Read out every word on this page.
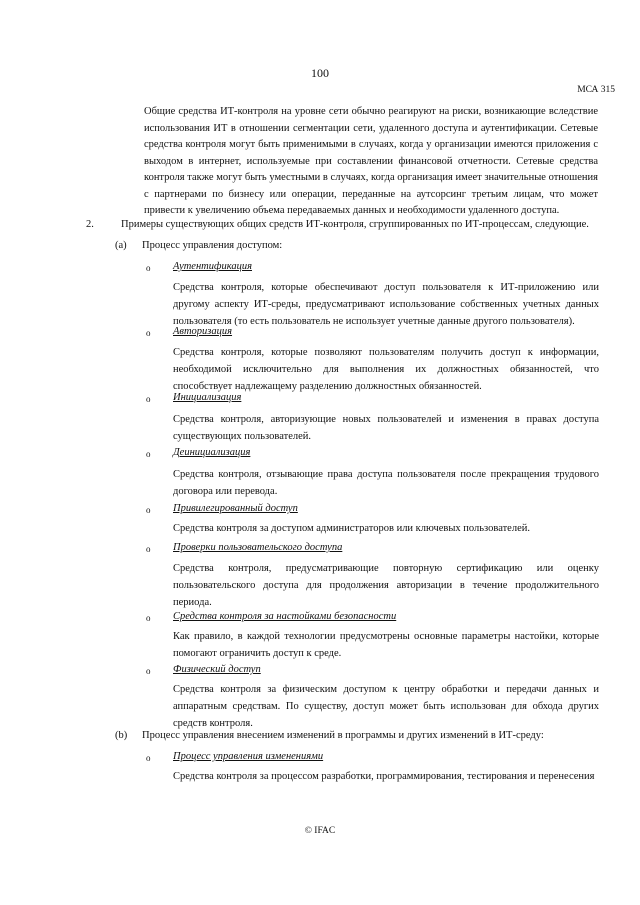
100
МСА 315

Общие средства ИТ-контроля на уровне сети обычно реагируют на риски, возникающие вследствие использования ИТ в отношении сегментации сети, удаленного доступа и аутентификации. Сетевые средства контроля могут быть применимыми в случаях, когда у организации имеются приложения с выходом в интернет, используемые при составлении финансовой отчетности. Сетевые средства контроля также могут быть уместными в случаях, когда организация имеет значительные отношения с партнерами по бизнесу или операции, переданные на аутсорсинг третьим лицам, что может привести к увеличению объема передаваемых данных и необходимости удаленного доступа.

2.	Примеры существующих общих средств ИТ-контроля, сгруппированных по ИТ-процессам, следующие.
(a) Процесс управления доступом:
o Аутентификация

Средства контроля, которые обеспечивают доступ пользователя к ИТ-приложению или другому аспекту ИТ-среды, предусматривают использование собственных учетных данных пользователя (то есть пользователь не использует учетные данные другого пользователя).

o Авторизация

Средства контроля, которые позволяют пользователям получить доступ к информации, необходимой исключительно для выполнения их должностных обязанностей, что способствует надлежащему разделению должностных обязанностей.

o Инициализация

Средства контроля, авторизующие новых пользователей и изменения в правах доступа существующих пользователей.

o Деинициализация

Средства контроля, отзывающие права доступа пользователя после прекращения трудового договора или перевода.

o Привилегированный доступ

Средства контроля за доступом администраторов или ключевых пользователей.

o Проверки пользовательского доступа

Средства контроля, предусматривающие повторную сертификацию или оценку пользовательского доступа для продолжения авторизации в течение продолжительного периода.

o Средства контроля за настойками безопасности

Как правило, в каждой технологии предусмотрены основные параметры настойки, которые помогают ограничить доступ к среде.

o Физический доступ

Средства контроля за физическим доступом к центру обработки и передачи данных и аппаратным средствам. По существу, доступ может быть использован для обхода других средств контроля.

(b) Процесс управления внесением изменений в программы и других изменений в ИТ-среду:
o Процесс управления изменениями

Средства контроля за процессом разработки, программирования, тестирования и перенесения

© IFAC
